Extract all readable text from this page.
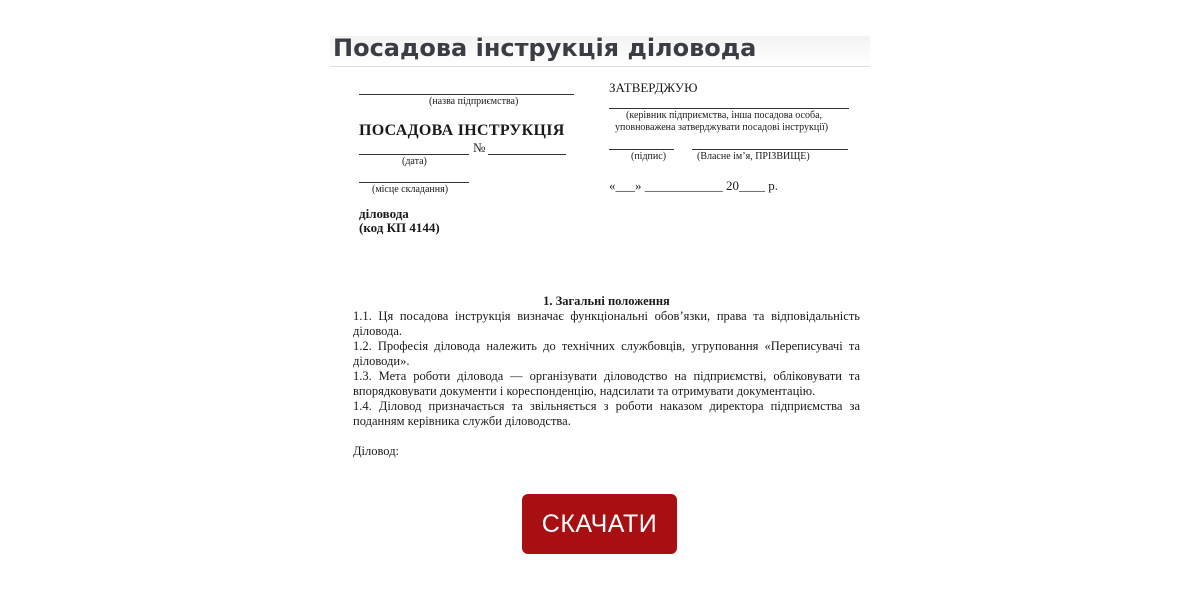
Посадова інструкція діловода
(назва підприємства)
ПОСАДОВА ІНСТРУКЦІЯ
№
(дата)
(місце складання)
діловода
(код КП 4144)
ЗАТВЕРДЖУЮ
(керівник підприємства, інша посадова особа,
уповноважена затверджувати посадові інструкції)
(підпис)	(Власне ім’я, ПРІЗВИЩЕ)
«___» ____________ 20____ р.
1. Загальні положення

1.1. Ця посадова інструкція визначає функціональні обов’язки, права та відповідальність діловода.

1.2. Професія діловода належить до технічних службовців, угруповання «Переписувачі та діловоди».

1.3. Мета роботи діловода — організувати діловодство на підприємстві, обліковувати та впорядковувати документи і кореспонденцію, надсилати та отримувати документацію.

1.4. Діловод призначається та звільняється з роботи наказом директора підприємства за поданням керівника служби діловодства.

Діловод:
СКАЧАТИ
